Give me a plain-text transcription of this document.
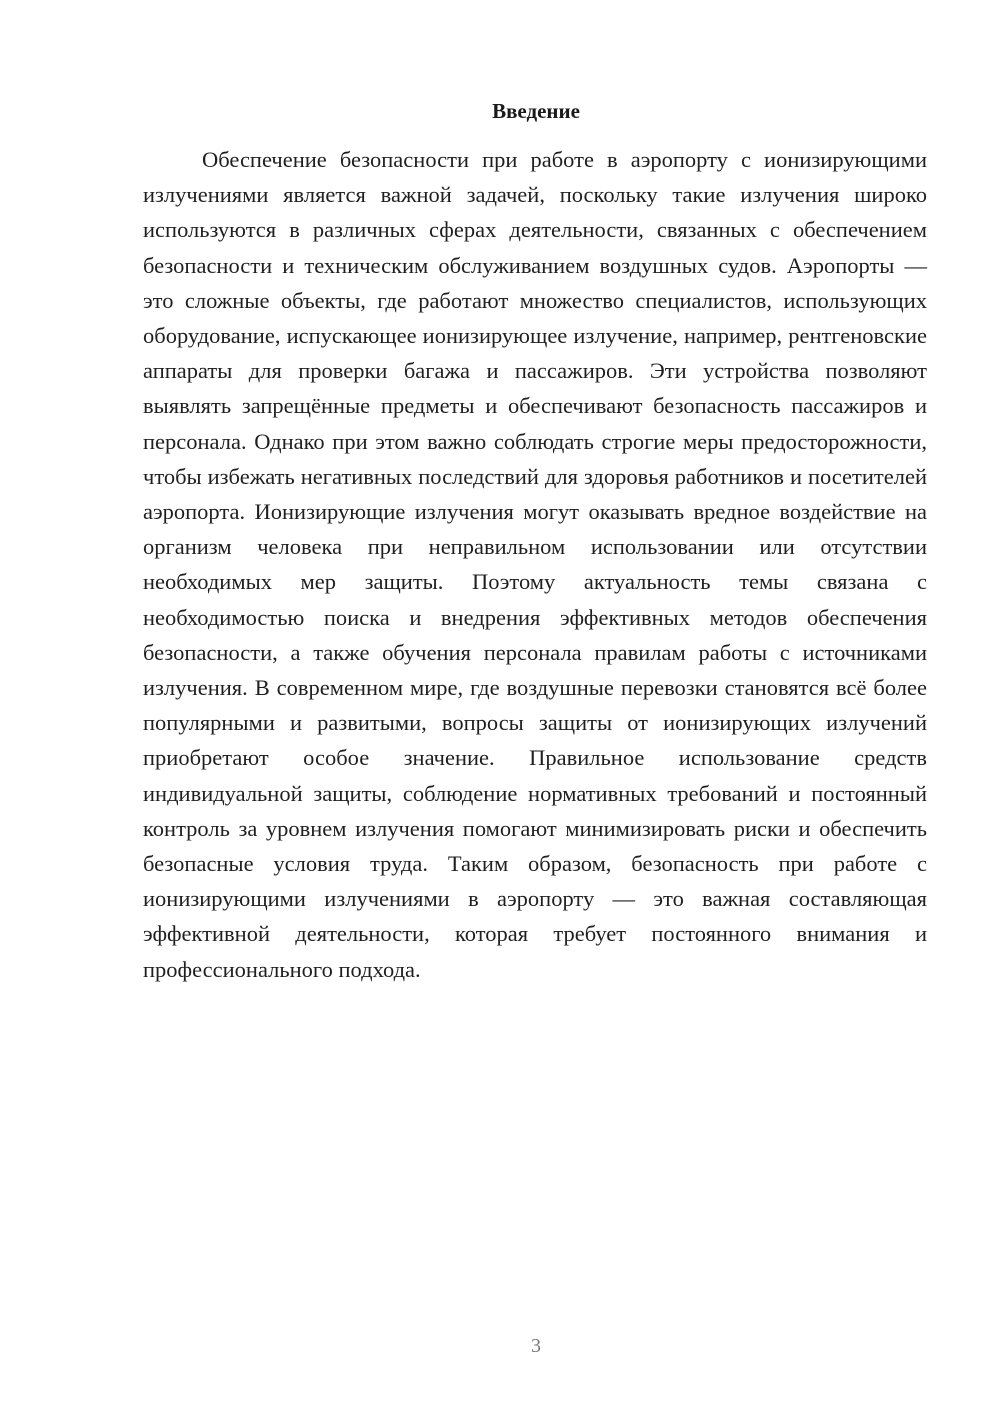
Введение

Обеспечение безопасности при работе в аэропорту с ионизирующими излучениями является важной задачей, поскольку такие излучения широко используются в различных сферах деятельности, связанных с обеспечением безопасности и техническим обслуживанием воздушных судов. Аэропорты — это сложные объекты, где работают множество специалистов, использующих оборудование, испускающее ионизирующее излучение, например, рентгеновские аппараты для проверки багажа и пассажиров. Эти устройства позволяют выявлять запрещённые предметы и обеспечивают безопасность пассажиров и персонала. Однако при этом важно соблюдать строгие меры предосторожности, чтобы избежать негативных последствий для здоровья работников и посетителей аэропорта. Ионизирующие излучения могут оказывать вредное воздействие на организм человека при неправильном использовании или отсутствии необходимых мер защиты. Поэтому актуальность темы связана с необходимостью поиска и внедрения эффективных методов обеспечения безопасности, а также обучения персонала правилам работы с источниками излучения. В современном мире, где воздушные перевозки становятся всё более популярными и развитыми, вопросы защиты от ионизирующих излучений приобретают особое значение. Правильное использование средств индивидуальной защиты, соблюдение нормативных требований и постоянный контроль за уровнем излучения помогают минимизировать риски и обеспечить безопасные условия труда. Таким образом, безопасность при работе с ионизирующими излучениями в аэропорту — это важная составляющая эффективной деятельности, которая требует постоянного внимания и профессионального подхода.

3
